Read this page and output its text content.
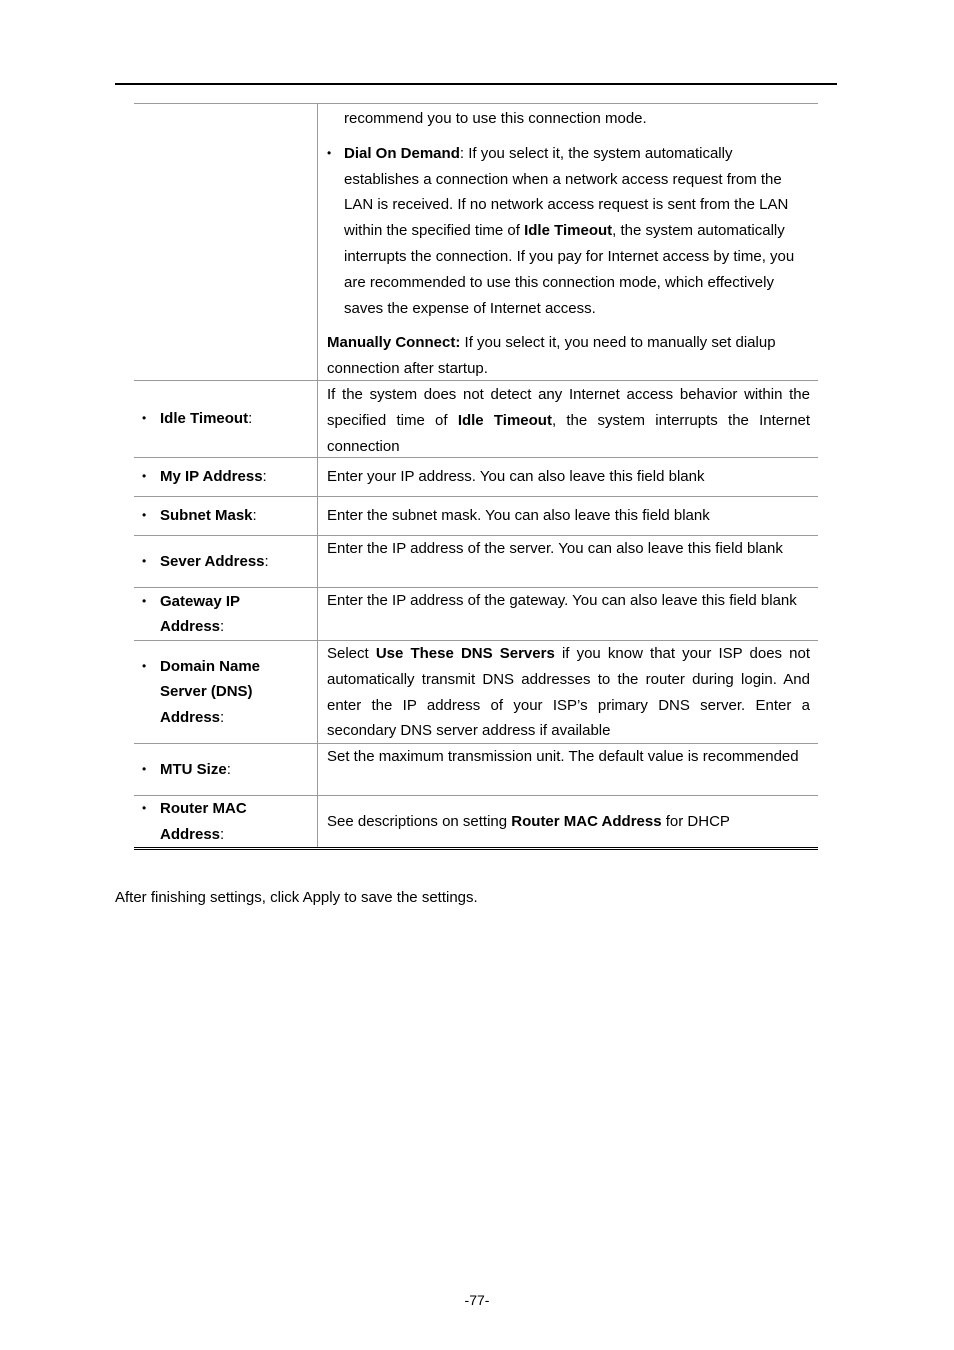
recommend you to use this connection mode.
• Dial On Demand: If you select it, the system automatically establishes a connection when a network access request from the LAN is received. If no network access request is sent from the LAN within the specified time of Idle Timeout, the system automatically interrupts the connection. If you pay for Internet access by time, you are recommended to use this connection mode, which effectively saves the expense of Internet access.
Manually Connect: If you select it, you need to manually set dialup connection after startup.
• Idle Timeout:
If the system does not detect any Internet access behavior within the specified time of Idle Timeout, the system interrupts the Internet connection
• My IP Address:	Enter your IP address. You can also leave this field blank
• Subnet Mask:	Enter the subnet mask. You can also leave this field blank
• Sever Address:
Enter the IP address of the server. You can also leave this field blank
• Gateway IP
Address:
Enter the IP address of the gateway. You can also leave this field blank
• Domain Name
Server (DNS)
Address:
Select Use These DNS Servers if you know that your ISP does not automatically transmit DNS addresses to the router during login. And enter the IP address of your ISP’s primary DNS server. Enter a secondary DNS server address if available
• MTU Size:
Set the maximum transmission unit. The default value is recommended
• Router MAC
Address:
See descriptions on setting Router MAC Address for DHCP
After finishing settings, click Apply to save the settings.
-77-
